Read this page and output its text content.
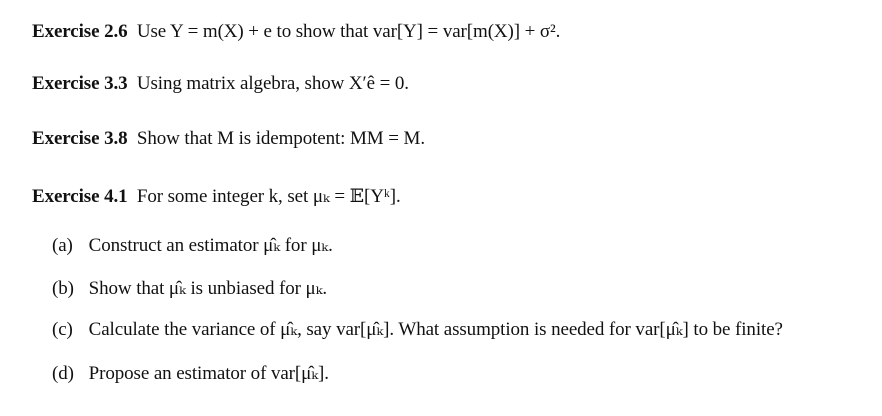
Exercise 2.6 Use Y = m(X) + e to show that var[Y] = var[m(X)] + σ².
Exercise 3.3 Using matrix algebra, show X′ê = 0.
Exercise 3.8 Show that M is idempotent: MM = M.
Exercise 4.1 For some integer k, set μₖ = 𝔼[Yᵏ].
(a) Construct an estimator μ̂ₖ for μₖ.
(b) Show that μ̂ₖ is unbiased for μₖ.
(c) Calculate the variance of μ̂ₖ, say var[μ̂ₖ]. What assumption is needed for var[μ̂ₖ] to be finite?
(d) Propose an estimator of var[μ̂ₖ].
